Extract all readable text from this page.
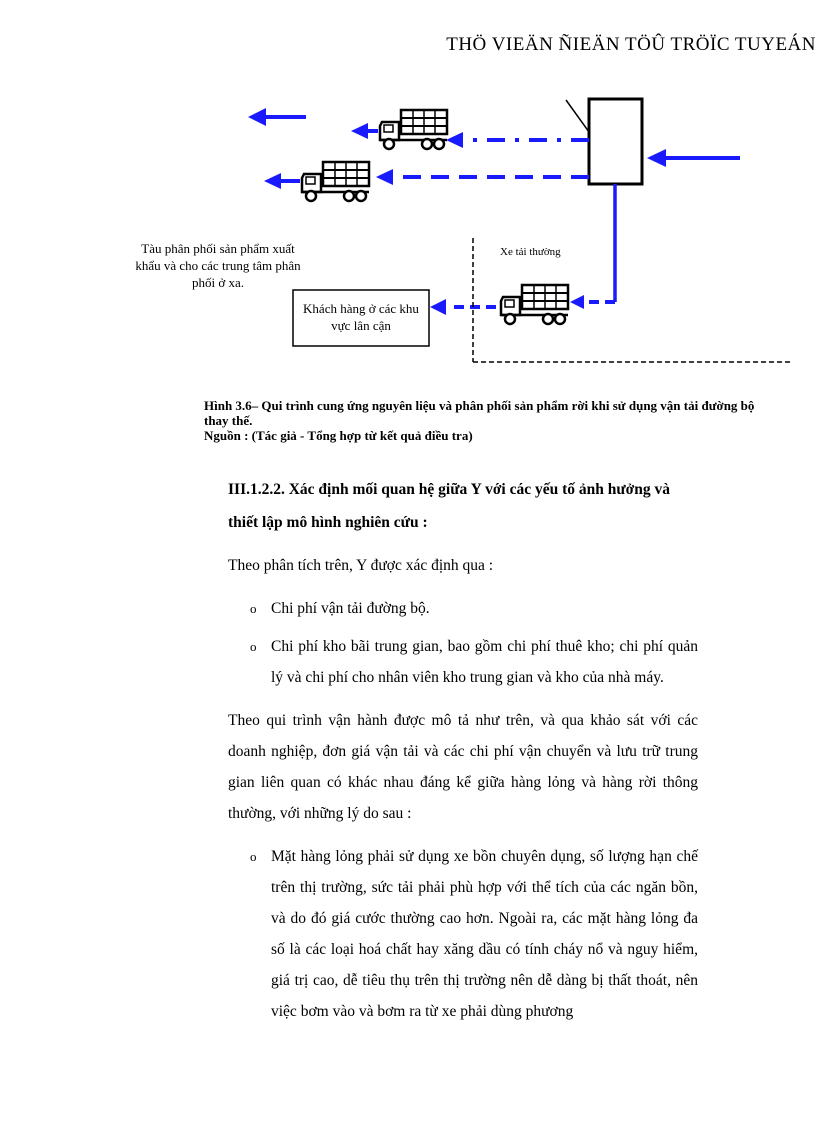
THÖ VIEÄN ÑIEÄN TÖÛ TRÖÏC TUYEÁN
Tàu phân phối sản phẩm xuất khẩu và cho các trung tâm phân phối ở xa.
Xe tải thường
Khách hàng ở các khu vực lân cận
Hình 3.6– Qui trình cung ứng nguyên liệu và phân phối sản phẩm rời khi sử dụng vận tải đường bộ thay thế.
Nguồn : (Tác giả - Tổng hợp từ kết quả điều tra)

III.1.2.2. Xác định mối quan hệ giữa Y với các yếu tố ảnh hưởng và

thiết lập mô hình nghiên cứu :

Theo phân tích trên, Y được xác định qua :

o Chi phí vận tải đường bộ.
o Chi phí kho bãi trung gian, bao gồm chi phí thuê kho; chi phí quản lý và chi phí cho nhân viên kho trung gian và kho của nhà máy.

Theo qui trình vận hành được mô tả như trên, và qua khảo sát với các doanh nghiệp, đơn giá vận tải và các chi phí vận chuyển và lưu trữ trung gian liên quan có khác nhau đáng kể giữa hàng lỏng và hàng rời thông thường, với những lý do sau :

o Mặt hàng lỏng phải sử dụng xe bồn chuyên dụng, số lượng hạn chế trên thị trường, sức tải phải phù hợp với thể tích của các ngăn bồn, và do đó giá cước thường cao hơn. Ngoài ra, các mặt hàng lỏng đa số là các loại hoá chất hay xăng dầu có tính cháy nổ và nguy hiểm, giá trị cao, dễ tiêu thụ trên thị trường nên dễ dàng bị thất thoát, nên việc bơm vào và bơm ra từ xe phải dùng phương
